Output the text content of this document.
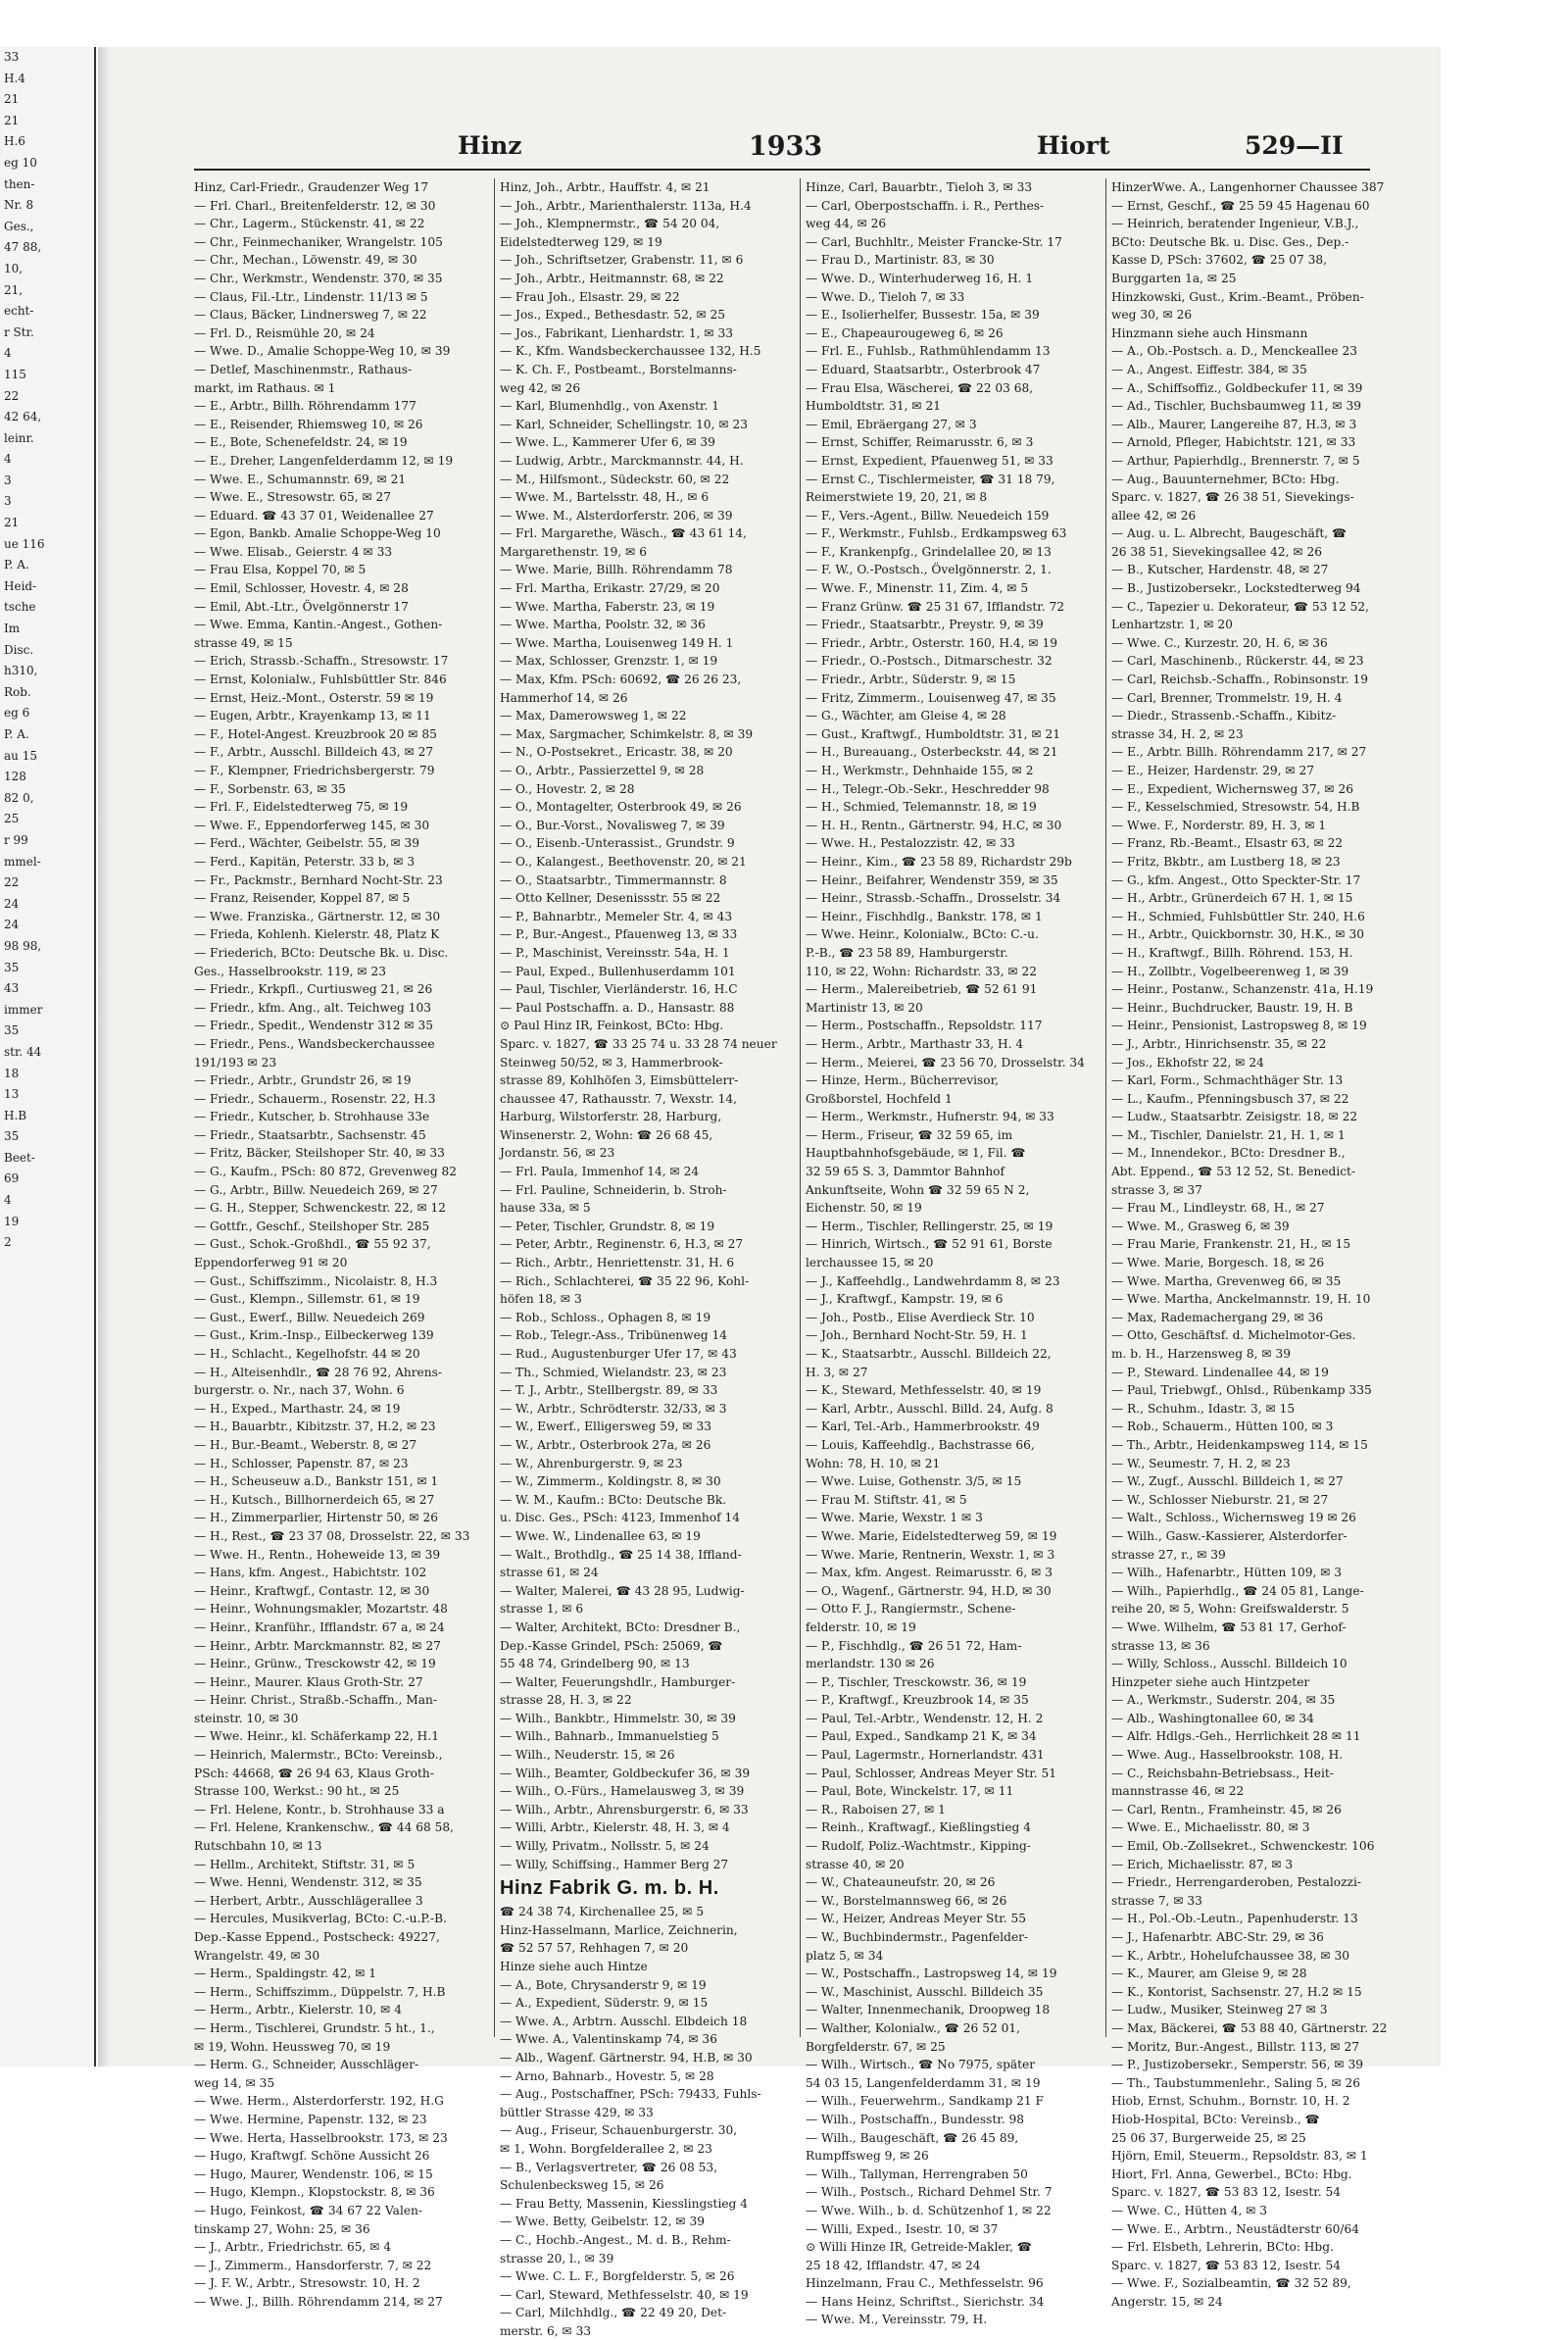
33
H.4
21
21
H.6
eg 10
then-
Nr. 8
Ges.,
47 88,
10,
21,
echt-
r Str.
4
115
22
42 64,
leinr.
4
3
3
21
ue 116
P. A.
Heid-
tsche
Im
Disc.
h310,
Rob.
eg 6
P. A.
au 15
128
82 0,
25
r 99
mmel-
22
24
24
98 98,
35
43
immer
35
str. 44
18
13
H.B
35
Beet-
69
4
19
2
Hinz	1933	Hiort	529—II
Hinz, Carl-Friedr., Graudenzer Weg 17
— Frl. Charl., Breitenfelderstr. 12, ✉ 30
— Chr., Lagerm., Stückenstr. 41, ✉ 22
— Chr., Feinmechaniker, Wrangelstr. 105
— Chr., Mechan., Löwenstr. 49, ✉ 30
— Chr., Werkmstr., Wendenstr. 370, ✉ 35
— Claus, Fil.-Ltr., Lindenstr. 11/13 ✉ 5
— Claus, Bäcker, Lindnersweg 7, ✉ 22
— Frl. D., Reismühle 20, ✉ 24
— Wwe. D., Amalie Schoppe-Weg 10, ✉ 39
— Detlef, Maschinenmstr., Rathaus-
markt, im Rathaus. ✉ 1
— E., Arbtr., Billh. Röhrendamm 177
— E., Reisender, Rhiemsweg 10, ✉ 26
— E., Bote, Schenefeldstr. 24, ✉ 19
— E., Dreher, Langenfelderdamm 12, ✉ 19
— Wwe. E., Schumannstr. 69, ✉ 21
— Wwe. E., Stresowstr. 65, ✉ 27
— Eduard. ☎ 43 37 01, Weidenallee 27
— Egon, Bankb. Amalie Schoppe-Weg 10
— Wwe. Elisab., Geierstr. 4 ✉ 33
— Frau Elsa, Koppel 70, ✉ 5
— Emil, Schlosser, Hovestr. 4, ✉ 28
— Emil, Abt.-Ltr., Övelgönnerstr 17
— Wwe. Emma, Kantin.-Angest., Gothen-
strasse 49, ✉ 15
— Erich, Strassb.-Schaffn., Stresowstr. 17
— Ernst, Kolonialw., Fuhlsbüttler Str. 846
— Ernst, Heiz.-Mont., Osterstr. 59 ✉ 19
— Eugen, Arbtr., Krayenkamp 13, ✉ 11
— F., Hotel-Angest. Kreuzbrook 20 ✉ 85
— F., Arbtr., Ausschl. Billdeich 43, ✉ 27
— F., Klempner, Friedrichsbergerstr. 79
— F., Sorbenstr. 63, ✉ 35
— Frl. F., Eidelstedterweg 75, ✉ 19
— Wwe. F., Eppendorferweg 145, ✉ 30
— Ferd., Wächter, Geibelstr. 55, ✉ 39
— Ferd., Kapitän, Peterstr. 33 b, ✉ 3
— Fr., Packmstr., Bernhard Nocht-Str. 23
— Franz, Reisender, Koppel 87, ✉ 5
— Wwe. Franziska., Gärtnerstr. 12, ✉ 30
— Frieda, Kohlenh. Kielerstr. 48, Platz K
— Friederich, BCto: Deutsche Bk. u. Disc.
Ges., Hasselbrookstr. 119, ✉ 23
— Friedr., Krkpfl., Curtiusweg 21, ✉ 26
— Friedr., kfm. Ang., alt. Teichweg 103
— Friedr., Spedit., Wendenstr 312 ✉ 35
— Friedr., Pens., Wandsbeckerchaussee
191/193 ✉ 23
— Friedr., Arbtr., Grundstr 26, ✉ 19
— Friedr., Schauerm., Rosenstr. 22, H.3
— Friedr., Kutscher, b. Strohhause 33e
— Friedr., Staatsarbtr., Sachsenstr. 45
— Fritz, Bäcker, Steilshoper Str. 40, ✉ 33
— G., Kaufm., PSch: 80 872, Grevenweg 82
— G., Arbtr., Billw. Neuedeich 269, ✉ 27
— G. H., Stepper, Schwenckestr. 22, ✉ 12
— Gottfr., Geschf., Steilshoper Str. 285
— Gust., Schok.-Großhdl., ☎ 55 92 37,
Eppendorferweg 91 ✉ 20
— Gust., Schiffszimm., Nicolaistr. 8, H.3
— Gust., Klempn., Sillemstr. 61, ✉ 19
— Gust., Ewerf., Billw. Neuedeich 269
— Gust., Krim.-Insp., Eilbeckerweg 139
— H., Schlacht., Kegelhofstr. 44 ✉ 20
— H., Alteisenhdlr., ☎ 28 76 92, Ahrens-
burgerstr. o. Nr., nach 37, Wohn. 6
— H., Exped., Marthastr. 24, ✉ 19
— H., Bauarbtr., Kibitzstr. 37, H.2, ✉ 23
— H., Bur.-Beamt., Weberstr. 8, ✉ 27
— H., Schlosser, Papenstr. 87, ✉ 23
— H., Scheuseuw a.D., Bankstr 151, ✉ 1
— H., Kutsch., Billhornerdeich 65, ✉ 27
— H., Zimmerparlier, Hirtenstr 50, ✉ 26
— H., Rest., ☎ 23 37 08, Drosselstr. 22, ✉ 33
— Wwe. H., Rentn., Hoheweide 13, ✉ 39
— Hans, kfm. Angest., Habichtstr. 102
— Heinr., Kraftwgf., Contastr. 12, ✉ 30
— Heinr., Wohnungsmakler, Mozartstr. 48
— Heinr., Kranführ., Ifflandstr. 67 a, ✉ 24
— Heinr., Arbtr. Marckmannstr. 82, ✉ 27
— Heinr., Grünw., Tresckowstr 42, ✉ 19
— Heinr., Maurer. Klaus Groth-Str. 27
— Heinr. Christ., Straßb.-Schaffn., Man-
steinstr. 10, ✉ 30
— Wwe. Heinr., kl. Schäferkamp 22, H.1
— Heinrich, Malermstr., BCto: Vereinsb.,
PSch: 44668, ☎ 26 94 63, Klaus Groth-
Strasse 100, Werkst.: 90 ht., ✉ 25
— Frl. Helene, Kontr., b. Strohhause 33 a
— Frl. Helene, Krankenschw., ☎ 44 68 58,
Rutschbahn 10, ✉ 13
— Hellm., Architekt, Stiftstr. 31, ✉ 5
— Wwe. Henni, Wendenstr. 312, ✉ 35
— Herbert, Arbtr., Ausschlägerallee 3
— Hercules, Musikverlag, BCto: C.-u.P.-B.
Dep.-Kasse Eppend., Postscheck: 49227,
Wrangelstr. 49, ✉ 30
— Herm., Spaldingstr. 42, ✉ 1
— Herm., Schiffszimm., Düppelstr. 7, H.B
— Herm., Arbtr., Kielerstr. 10, ✉ 4
— Herm., Tischlerei, Grundstr. 5 ht., 1.,
✉ 19, Wohn. Heussweg 70, ✉ 19
— Herm. G., Schneider, Ausschläger-
weg 14, ✉ 35
— Wwe. Herm., Alsterdorferstr. 192, H.G
— Wwe. Hermine, Papenstr. 132, ✉ 23
— Wwe. Herta, Hasselbrookstr. 173, ✉ 23
— Hugo, Kraftwgf. Schöne Aussicht 26
— Hugo, Maurer, Wendenstr. 106, ✉ 15
— Hugo, Klempn., Klopstockstr. 8, ✉ 36
— Hugo, Feinkost, ☎ 34 67 22 Valen-
tinskamp 27, Wohn: 25, ✉ 36
— J., Arbtr., Friedrichstr. 65, ✉ 4
— J., Zimmerm., Hansdorferstr. 7, ✉ 22
— J. F. W., Arbtr., Stresowstr. 10, H. 2
— Wwe. J., Billh. Röhrendamm 214, ✉ 27
Hinz, Joh., Arbtr., Hauffstr. 4, ✉ 21
— Joh., Arbtr., Marienthalerstr. 113a, H.4
— Joh., Klempnermstr., ☎ 54 20 04,
Eidelstedterweg 129, ✉ 19
— Joh., Schriftsetzer, Grabenstr. 11, ✉ 6
— Joh., Arbtr., Heitmannstr. 68, ✉ 22
— Frau Joh., Elsastr. 29, ✉ 22
— Jos., Exped., Bethesdastr. 52, ✉ 25
— Jos., Fabrikant, Lienhardstr. 1, ✉ 33
— K., Kfm. Wandsbeckerchaussee 132, H.5
— K. Ch. F., Postbeamt., Borstelmanns-
weg 42, ✉ 26
— Karl, Blumenhdlg., von Axenstr. 1
— Karl, Schneider, Schellingstr. 10, ✉ 23
— Wwe. L., Kammerer Ufer 6, ✉ 39
— Ludwig, Arbtr., Marckmannstr. 44, H.
— M., Hilfsmont., Südeckstr. 60, ✉ 22
— Wwe. M., Bartelsstr. 48, H., ✉ 6
— Wwe. M., Alsterdorferstr. 206, ✉ 39
— Frl. Margarethe, Wäsch., ☎ 43 61 14,
Margarethenstr. 19, ✉ 6
— Wwe. Marie, Billh. Röhrendamm 78
— Frl. Martha, Erikastr. 27/29, ✉ 20
— Wwe. Martha, Faberstr. 23, ✉ 19
— Wwe. Martha, Poolstr. 32, ✉ 36
— Wwe. Martha, Louisenweg 149 H. 1
— Max, Schlosser, Grenzstr. 1, ✉ 19
— Max, Kfm. PSch: 60692, ☎ 26 26 23,
Hammerhof 14, ✉ 26
— Max, Damerowsweg 1, ✉ 22
— Max, Sargmacher, Schimkelstr. 8, ✉ 39
— N., O-Postsekret., Ericastr. 38, ✉ 20
— O., Arbtr., Passierzettel 9, ✉ 28
— O., Hovestr. 2, ✉ 28
— O., Montagelter, Osterbrook 49, ✉ 26
— O., Bur.-Vorst., Novalisweg 7, ✉ 39
— O., Eisenb.-Unterassist., Grundstr. 9
— O., Kalangest., Beethovenstr. 20, ✉ 21
— O., Staatsarbtr., Timmermannstr. 8
— Otto Kellner, Desenissstr. 55 ✉ 22
— P., Bahnarbtr., Memeler Str. 4, ✉ 43
— P., Bur.-Angest., Pfauenweg 13, ✉ 33
— P., Maschinist, Vereinsstr. 54a, H. 1
— Paul, Exped., Bullenhuserdamm 101
— Paul, Tischler, Vierländerstr. 16, H.C
— Paul Postschaffn. a. D., Hansastr. 88
⊙ Paul Hinz IR, Feinkost, BCto: Hbg.
Sparc. v. 1827, ☎ 33 25 74 u. 33 28 74 neuer
Steinweg 50/52, ✉ 3, Hammerbrook-
strasse 89, Kohlhöfen 3, Eimsbüttelerr-
chaussee 47, Rathausstr. 7, Wexstr. 14,
Harburg, Wilstorferstr. 28, Harburg,
Winsenerstr. 2, Wohn: ☎ 26 68 45,
Jordanstr. 56, ✉ 23
— Frl. Paula, Immenhof 14, ✉ 24
— Frl. Pauline, Schneiderin, b. Stroh-
hause 33a, ✉ 5
— Peter, Tischler, Grundstr. 8, ✉ 19
— Peter, Arbtr., Reginenstr. 6, H.3, ✉ 27
— Rich., Arbtr., Henriettenstr. 31, H. 6
— Rich., Schlachterei, ☎ 35 22 96, Kohl-
höfen 18, ✉ 3
— Rob., Schloss., Ophagen 8, ✉ 19
— Rob., Telegr.-Ass., Tribünenweg 14
— Rud., Augustenburger Ufer 17, ✉ 43
— Th., Schmied, Wielandstr. 23, ✉ 23
— T. J., Arbtr., Stellbergstr. 89, ✉ 33
— W., Arbtr., Schrödterstr. 32/33, ✉ 3
— W., Ewerf., Elligersweg 59, ✉ 33
— W., Arbtr., Osterbrook 27a, ✉ 26
— W., Ahrenburgerstr. 9, ✉ 23
— W., Zimmerm., Koldingstr. 8, ✉ 30
— W. M., Kaufm.: BCto: Deutsche Bk.
u. Disc. Ges., PSch: 4123, Immenhof 14
— Wwe. W., Lindenallee 63, ✉ 19
— Walt., Brothdlg., ☎ 25 14 38, Iffland-
strasse 61, ✉ 24
— Walter, Malerei, ☎ 43 28 95, Ludwig-
strasse 1, ✉ 6
— Walter, Architekt, BCto: Dresdner B.,
Dep.-Kasse Grindel, PSch: 25069, ☎
55 48 74, Grindelberg 90, ✉ 13
— Walter, Feuerungshdlr., Hamburger-
strasse 28, H. 3, ✉ 22
— Wilh., Bankbtr., Himmelstr. 30, ✉ 39
— Wilh., Bahnarb., Immanuelstieg 5
— Wilh., Neuderstr. 15, ✉ 26
— Wilh., Beamter, Goldbeckufer 36, ✉ 39
— Wilh., O.-Fürs., Hamelausweg 3, ✉ 39
— Wilh., Arbtr., Ahrensburgerstr. 6, ✉ 33
— Willi, Arbtr., Kielerstr. 48, H. 3, ✉ 4
— Willy, Privatm., Nollsstr. 5, ✉ 24
— Willy, Schiffsing., Hammer Berg 27
Hinz Fabrik G. m. b. H.
☎ 24 38 74, Kirchenallee 25, ✉ 5
Hinz-Hasselmann, Marlice, Zeichnerin,
☎ 52 57 57, Rehhagen 7, ✉ 20
Hinze siehe auch Hintze
— A., Bote, Chrysanderstr 9, ✉ 19
— A., Expedient, Süderstr. 9, ✉ 15
— Wwe. A., Arbtrn. Ausschl. Elbdeich 18
— Wwe. A., Valentinskamp 74, ✉ 36
— Alb., Wagenf. Gärtnerstr. 94, H.B, ✉ 30
— Arno, Bahnarb., Hovestr. 5, ✉ 28
— Aug., Postschaffner, PSch: 79433, Fuhls-
büttler Strasse 429, ✉ 33
— Aug., Friseur, Schauenburgerstr. 30,
✉ 1, Wohn. Borgfelderallee 2, ✉ 23
— B., Verlagsvertreter, ☎ 26 08 53,
Schulenbecksweg 15, ✉ 26
— Frau Betty, Massenin, Kiesslingstieg 4
— Wwe. Betty, Geibelstr. 12, ✉ 39
— C., Hochb.-Angest., M. d. B., Rehm-
strasse 20, l., ✉ 39
— Wwe. C. L. F., Borgfelderstr. 5, ✉ 26
— Carl, Steward, Methfesselstr. 40, ✉ 19
— Carl, Milchhdlg., ☎ 22 49 20, Det-
merstr. 6, ✉ 33
Hinze, Carl, Bauarbtr., Tieloh 3, ✉ 33
— Carl, Oberpostschaffn. i. R., Perthes-
weg 44, ✉ 26
— Carl, Buchhltr., Meister Francke-Str. 17
— Frau D., Martinistr. 83, ✉ 30
— Wwe. D., Winterhuderweg 16, H. 1
— Wwe. D., Tieloh 7, ✉ 33
— E., Isolierhelfer, Bussestr. 15a, ✉ 39
— E., Chapeaurougeweg 6, ✉ 26
— Frl. E., Fuhlsb., Rathmühlendamm 13
— Eduard, Staatsarbtr., Osterbrook 47
— Frau Elsa, Wäscherei, ☎ 22 03 68,
Humboldtstr. 31, ✉ 21
— Emil, Ebräergang 27, ✉ 3
— Ernst, Schiffer, Reimarusstr. 6, ✉ 3
— Ernst, Expedient, Pfauenweg 51, ✉ 33
— Ernst C., Tischlermeister, ☎ 31 18 79,
Reimerstwiete 19, 20, 21, ✉ 8
— F., Vers.-Agent., Billw. Neuedeich 159
— F., Werkmstr., Fuhlsb., Erdkampsweg 63
— F., Krankenpfg., Grindelallee 20, ✉ 13
— F. W., O.-Postsch., Övelgönnerstr. 2, 1.
— Wwe. F., Minenstr. 11, Zim. 4, ✉ 5
— Franz Grünw. ☎ 25 31 67, Ifflandstr. 72
— Friedr., Staatsarbtr., Preystr. 9, ✉ 39
— Friedr., Arbtr., Osterstr. 160, H.4, ✉ 19
— Friedr., O.-Postsch., Ditmarschestr. 32
— Friedr., Arbtr., Süderstr. 9, ✉ 15
— Fritz, Zimmerm., Louisenweg 47, ✉ 35
— G., Wächter, am Gleise 4, ✉ 28
— Gust., Kraftwgf., Humboldtstr. 31, ✉ 21
— H., Bureauang., Osterbeckstr. 44, ✉ 21
— H., Werkmstr., Dehnhaide 155, ✉ 2
— H., Telegr.-Ob.-Sekr., Heschredder 98
— H., Schmied, Telemannstr. 18, ✉ 19
— H. H., Rentn., Gärtnerstr. 94, H.C, ✉ 30
— Wwe. H., Pestalozzistr. 42, ✉ 33
— Heinr., Kim., ☎ 23 58 89, Richardstr 29b
— Heinr., Beifahrer, Wendenstr 359, ✉ 35
— Heinr., Strassb.-Schaffn., Drosselstr. 34
— Heinr., Fischhdlg., Bankstr. 178, ✉ 1
— Wwe. Heinr., Kolonialw., BCto: C.-u.
P.-B., ☎ 23 58 89, Hamburgerstr.
110, ✉ 22, Wohn: Richardstr. 33, ✉ 22
— Herm., Malereibetrieb, ☎ 52 61 91
Martinistr 13, ✉ 20
— Herm., Postschaffn., Repsoldstr. 117
— Herm., Arbtr., Marthastr 33, H. 4
— Herm., Meierei, ☎ 23 56 70, Drosselstr. 34
— Hinze, Herm., Bücherrevisor,
Großborstel, Hochfeld 1
— Herm., Werkmstr., Hufnerstr. 94, ✉ 33
— Herm., Friseur, ☎ 32 59 65, im
Hauptbahnhofsgebäude, ✉ 1, Fil. ☎
32 59 65 S. 3, Dammtor Bahnhof
Ankunftseite, Wohn ☎ 32 59 65 N 2,
Eichenstr. 50, ✉ 19
— Herm., Tischler, Rellingerstr. 25, ✉ 19
— Hinrich, Wirtsch., ☎ 52 91 61, Borste
lerchaussee 15, ✉ 20
— J., Kaffeehdlg., Landwehrdamm 8, ✉ 23
— J., Kraftwgf., Kampstr. 19, ✉ 6
— Joh., Postb., Elise Averdieck Str. 10
— Joh., Bernhard Nocht-Str. 59, H. 1
— K., Staatsarbtr., Ausschl. Billdeich 22,
H. 3, ✉ 27
— K., Steward, Methfesselstr. 40, ✉ 19
— Karl, Arbtr., Ausschl. Billd. 24, Aufg. 8
— Karl, Tel.-Arb., Hammerbrookstr. 49
— Louis, Kaffeehdlg., Bachstrasse 66,
Wohn: 78, H. 10, ✉ 21
— Wwe. Luise, Gothenstr. 3/5, ✉ 15
— Frau M. Stiftstr. 41, ✉ 5
— Wwe. Marie, Wexstr. 1 ✉ 3
— Wwe. Marie, Eidelstedterweg 59, ✉ 19
— Wwe. Marie, Rentnerin, Wexstr. 1, ✉ 3
— Max, kfm. Angest. Reimarusstr. 6, ✉ 3
— O., Wagenf., Gärtnerstr. 94, H.D, ✉ 30
— Otto F. J., Rangiermstr., Schene-
felderstr. 10, ✉ 19
— P., Fischhdlg., ☎ 26 51 72, Ham-
merlandstr. 130 ✉ 26
— P., Tischler, Tresckowstr. 36, ✉ 19
— P., Kraftwgf., Kreuzbrook 14, ✉ 35
— Paul, Tel.-Arbtr., Wendenstr. 12, H. 2
— Paul, Exped., Sandkamp 21 K, ✉ 34
— Paul, Lagermstr., Hornerlandstr. 431
— Paul, Schlosser, Andreas Meyer Str. 51
— Paul, Bote, Winckelstr. 17, ✉ 11
— R., Raboisen 27, ✉ 1
— Reinh., Kraftwagf., Kießlingstieg 4
— Rudolf, Poliz.-Wachtmstr., Kipping-
strasse 40, ✉ 20
— W., Chateauneufstr. 20, ✉ 26
— W., Borstelmannsweg 66, ✉ 26
— W., Heizer, Andreas Meyer Str. 55
— W., Buchbindermstr., Pagenfelder-
platz 5, ✉ 34
— W., Postschaffn., Lastropsweg 14, ✉ 19
— W., Maschinist, Ausschl. Billdeich 35
— Walter, Innenmechanik, Droopweg 18
— Walther, Kolonialw., ☎ 26 52 01,
Borgfelderstr. 67, ✉ 25
— Wilh., Wirtsch., ☎ No 7975, später
54 03 15, Langenfelderdamm 31, ✉ 19
— Wilh., Feuerwehrm., Sandkamp 21 F
— Wilh., Postschaffn., Bundesstr. 98
— Wilh., Baugeschäft, ☎ 26 45 89,
Rumpffsweg 9, ✉ 26
— Wilh., Tallyman, Herrengraben 50
— Wilh., Postsch., Richard Dehmel Str. 7
— Wwe. Wilh., b. d. Schützenhof 1, ✉ 22
— Willi, Exped., Isestr. 10, ✉ 37
⊙ Willi Hinze IR, Getreide-Makler, ☎
25 18 42, Ifflandstr. 47, ✉ 24
Hinzelmann, Frau C., Methfesselstr. 96
— Hans Heinz, Schriftst., Sierichstr. 34
— Wwe. M., Vereinsstr. 79, H.
HinzerWwe. A., Langenhorner Chaussee 387
— Ernst, Geschf., ☎ 25 59 45 Hagenau 60
— Heinrich, beratender Ingenieur, V.B.J.,
BCto: Deutsche Bk. u. Disc. Ges., Dep.-
Kasse D, PSch: 37602, ☎ 25 07 38,
Burggarten 1a, ✉ 25
Hinzkowski, Gust., Krim.-Beamt., Pröben-
weg 30, ✉ 26
Hinzmann siehe auch Hinsmann
— A., Ob.-Postsch. a. D., Menckeallee 23
— A., Angest. Eiffestr. 384, ✉ 35
— A., Schiffsoffiz., Goldbeckufer 11, ✉ 39
— Ad., Tischler, Buchsbaumweg 11, ✉ 39
— Alb., Maurer, Langereihe 87, H.3, ✉ 3
— Arnold, Pfleger, Habichtstr. 121, ✉ 33
— Arthur, Papierhdlg., Brennerstr. 7, ✉ 5
— Aug., Bauunternehmer, BCto: Hbg.
Sparc. v. 1827, ☎ 26 38 51, Sievekings-
allee 42, ✉ 26
— Aug. u. L. Albrecht, Baugeschäft, ☎
26 38 51, Sievekingsallee 42, ✉ 26
— B., Kutscher, Hardenstr. 48, ✉ 27
— B., Justizobersekr., Lockstedterweg 94
— C., Tapezier u. Dekorateur, ☎ 53 12 52,
Lenhartzstr. 1, ✉ 20
— Wwe. C., Kurzestr. 20, H. 6, ✉ 36
— Carl, Maschinenb., Rückerstr. 44, ✉ 23
— Carl, Reichsb.-Schaffn., Robinsonstr. 19
— Carl, Brenner, Trommelstr. 19, H. 4
— Diedr., Strassenb.-Schaffn., Kibitz-
strasse 34, H. 2, ✉ 23
— E., Arbtr. Billh. Röhrendamm 217, ✉ 27
— E., Heizer, Hardenstr. 29, ✉ 27
— E., Expedient, Wichernsweg 37, ✉ 26
— F., Kesselschmied, Stresowstr. 54, H.B
— Wwe. F., Norderstr. 89, H. 3, ✉ 1
— Franz, Rb.-Beamt., Elsastr 63, ✉ 22
— Fritz, Bkbtr., am Lustberg 18, ✉ 23
— G., kfm. Angest., Otto Speckter-Str. 17
— H., Arbtr., Grünerdeich 67 H. 1, ✉ 15
— H., Schmied, Fuhlsbüttler Str. 240, H.6
— H., Arbtr., Quickbornstr. 30, H.K., ✉ 30
— H., Kraftwgf., Billh. Röhrend. 153, H.
— H., Zollbtr., Vogelbeerenweg 1, ✉ 39
— Heinr., Postanw., Schanzenstr. 41a, H.19
— Heinr., Buchdrucker, Baustr. 19, H. B
— Heinr., Pensionist, Lastropsweg 8, ✉ 19
— J., Arbtr., Hinrichsenstr. 35, ✉ 22
— Jos., Ekhofstr 22, ✉ 24
— Karl, Form., Schmachthäger Str. 13
— L., Kaufm., Pfenningsbusch 37, ✉ 22
— Ludw., Staatsarbtr. Zeisigstr. 18, ✉ 22
— M., Tischler, Danielstr. 21, H. 1, ✉ 1
— M., Innendekor., BCto: Dresdner B.,
Abt. Eppend., ☎ 53 12 52, St. Benedict-
strasse 3, ✉ 37
— Frau M., Lindleystr. 68, H., ✉ 27
— Wwe. M., Grasweg 6, ✉ 39
— Frau Marie, Frankenstr. 21, H., ✉ 15
— Wwe. Marie, Borgesch. 18, ✉ 26
— Wwe. Martha, Grevenweg 66, ✉ 35
— Wwe. Martha, Anckelmannstr. 19, H. 10
— Max, Rademachergang 29, ✉ 36
— Otto, Geschäftsf. d. Michelmotor-Ges.
m. b. H., Harzensweg 8, ✉ 39
— P., Steward. Lindenallee 44, ✉ 19
— Paul, Triebwgf., Ohlsd., Rübenkamp 335
— R., Schuhm., Idastr. 3, ✉ 15
— Rob., Schauerm., Hütten 100, ✉ 3
— Th., Arbtr., Heidenkampsweg 114, ✉ 15
— W., Seumestr. 7, H. 2, ✉ 23
— W., Zugf., Ausschl. Billdeich 1, ✉ 27
— W., Schlosser Nieburstr. 21, ✉ 27
— Walt., Schloss., Wichernsweg 19 ✉ 26
— Wilh., Gasw.-Kassierer, Alsterdorfer-
strasse 27, r., ✉ 39
— Wilh., Hafenarbtr., Hütten 109, ✉ 3
— Wilh., Papierhdlg., ☎ 24 05 81, Lange-
reihe 20, ✉ 5, Wohn: Greifswalderstr. 5
— Wwe. Wilhelm, ☎ 53 81 17, Gerhof-
strasse 13, ✉ 36
— Willy, Schloss., Ausschl. Billdeich 10
Hinzpeter siehe auch Hintzpeter
— A., Werkmstr., Suderstr. 204, ✉ 35
— Alb., Washingtonallee 60, ✉ 34
— Alfr. Hdlgs.-Geh., Herrlichkeit 28 ✉ 11
— Wwe. Aug., Hasselbrookstr. 108, H.
— C., Reichsbahn-Betriebsass., Heit-
mannstrasse 46, ✉ 22
— Carl, Rentn., Framheinstr. 45, ✉ 26
— Wwe. E., Michaelisstr. 80, ✉ 3
— Emil, Ob.-Zollsekret., Schwenckestr. 106
— Erich, Michaelisstr. 87, ✉ 3
— Friedr., Herrengarderoben, Pestalozzi-
strasse 7, ✉ 33
— H., Pol.-Ob.-Leutn., Papenhuderstr. 13
— J., Hafenarbtr. ABC-Str. 29, ✉ 36
— K., Arbtr., Hohelufchaussee 38, ✉ 30
— K., Maurer, am Gleise 9, ✉ 28
— K., Kontorist, Sachsenstr. 27, H.2 ✉ 15
— Ludw., Musiker, Steinweg 27 ✉ 3
— Max, Bäckerei, ☎ 53 88 40, Gärtnerstr. 22
— Moritz, Bur.-Angest., Billstr. 113, ✉ 27
— P., Justizobersekr., Semperstr. 56, ✉ 39
— Th., Taubstummenlehr., Saling 5, ✉ 26
Hiob, Ernst, Schuhm., Bornstr. 10, H. 2
Hiob-Hospital, BCto: Vereinsb., ☎
25 06 37, Burgerweide 25, ✉ 25
Hjörn, Emil, Steuerm., Repsoldstr. 83, ✉ 1
Hiort, Frl. Anna, Gewerbel., BCto: Hbg.
Sparc. v. 1827, ☎ 53 83 12, Isestr. 54
— Wwe. C., Hütten 4, ✉ 3
— Wwe. E., Arbtrn., Neustädterstr 60/64
— Frl. Elsbeth, Lehrerin, BCto: Hbg.
Sparc. v. 1827, ☎ 53 83 12, Isestr. 54
— Wwe. F., Sozialbeamtin, ☎ 32 52 89,
Angerstr. 15, ✉ 24
